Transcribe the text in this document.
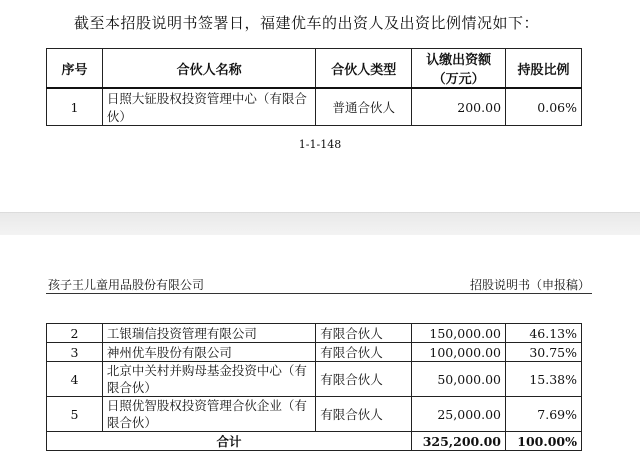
截至本招股说明书签署日，福建优车的出资人及出资比例情况如下：
序号	合伙人名称	合伙人类型	认缴出资额（万元）	持股比例
1	日照大钲股权投资管理中心（有限合伙）	普通合伙人	200.00	0.06%
1-1-148
孩子王儿童用品股份有限公司	招股说明书（申报稿）
2	工银瑞信投资管理有限公司	有限合伙人	150,000.00	46.13%
3	神州优车股份有限公司	有限合伙人	100,000.00	30.75%
4	北京中关村并购母基金投资中心（有限合伙）	有限合伙人	50,000.00	15.38%
5	日照优智股权投资管理合伙企业（有限合伙）	有限合伙人	25,000.00	7.69%
合计			325,200.00	100.00%
